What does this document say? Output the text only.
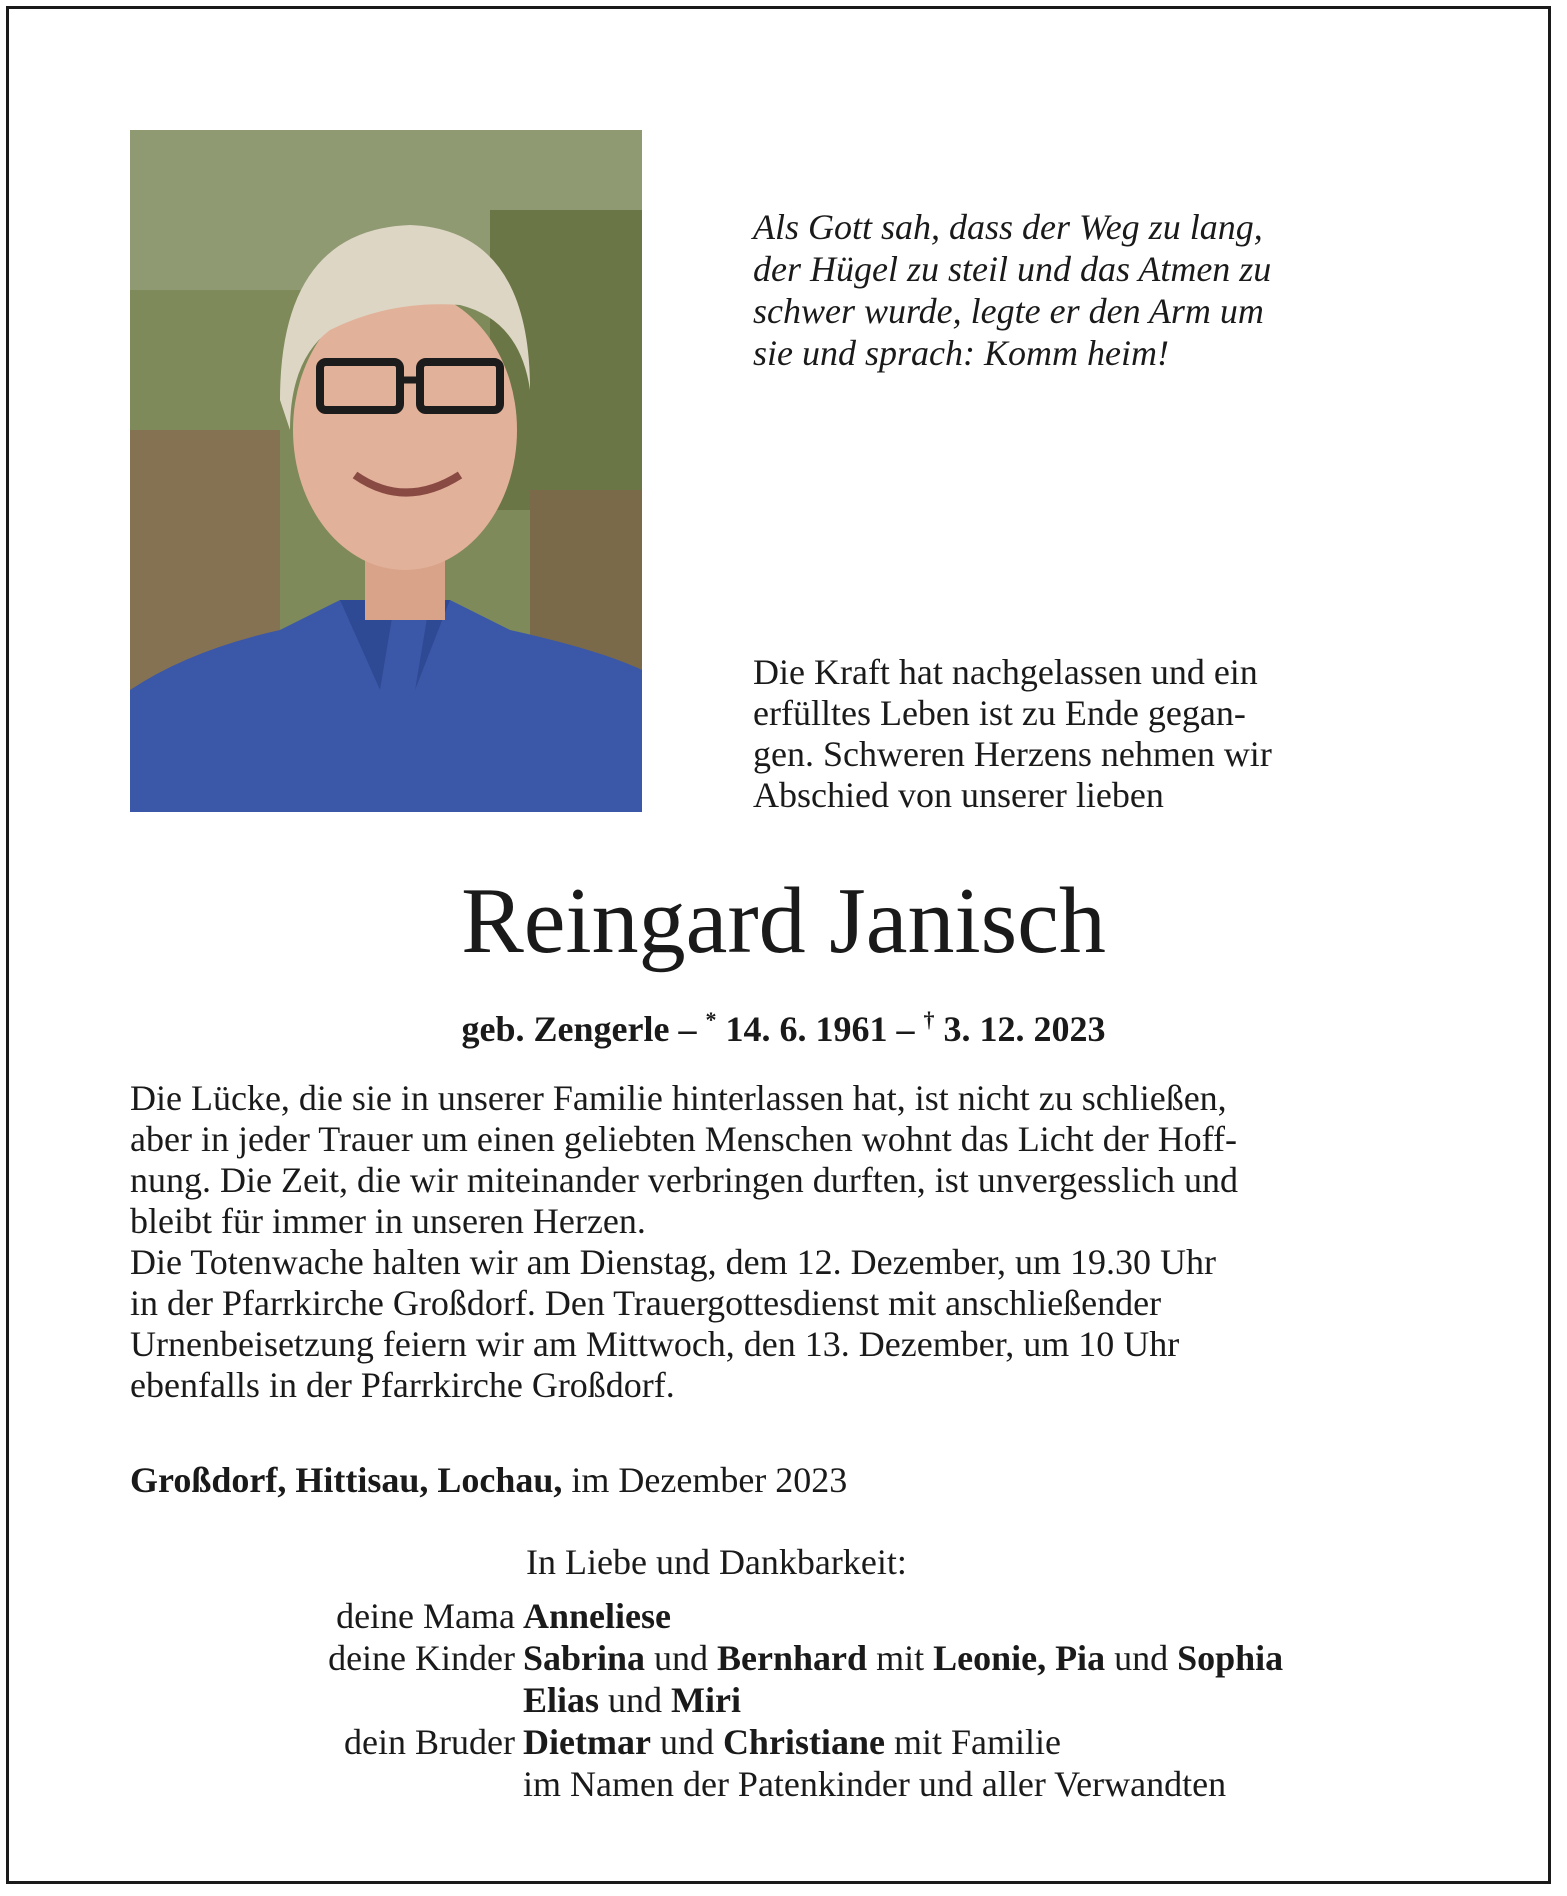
Als Gott sah, dass der Weg zu lang,
der Hügel zu steil und das Atmen zu
schwer wurde, legte er den Arm um
sie und sprach: Komm heim!
Die Kraft hat nachgelassen und ein
erfülltes Leben ist zu Ende gegan-
gen. Schweren Herzens nehmen wir
Abschied von unserer lieben
Reingard Janisch
geb. Zengerle – * 14. 6. 1961 – † 3. 12. 2023
Die Lücke, die sie in unserer Familie hinterlassen hat, ist nicht zu schließen,
aber in jeder Trauer um einen geliebten Menschen wohnt das Licht der Hoff-
nung. Die Zeit, die wir miteinander verbringen durften, ist unvergesslich und
bleibt für immer in unseren Herzen.
Die Totenwache halten wir am Dienstag, dem 12. Dezember, um 19.30 Uhr
in der Pfarrkirche Großdorf. Den Trauergottesdienst mit anschließender
Urnenbeisetzung feiern wir am Mittwoch, den 13. Dezember, um 10 Uhr
ebenfalls in der Pfarrkirche Großdorf.
Großdorf, Hittisau, Lochau, im Dezember 2023
In Liebe und Dankbarkeit:
deine Mama Anneliese
deine Kinder Sabrina und Bernhard mit Leonie, Pia und Sophia
Elias und Miri
dein Bruder Dietmar und Christiane mit Familie
im Namen der Patenkinder und aller Verwandten
